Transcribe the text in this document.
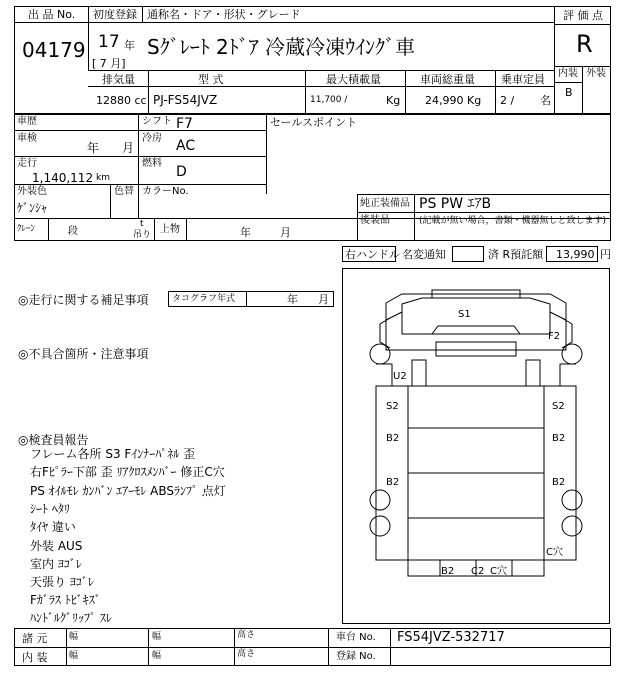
出 品 No.
04179
初度登録 通称名・ドア・形状・グレード
17 年
[ 7 月]
Sｸﾞﾚｰﾄ 2ﾄﾞｱ 冷蔵冷凍ｳｲﾝｸﾞ車
評 価 点
R
内装 外装
B
排気量	型 式	最大積載量	車両総重量 乗車定員
12880 cc PJ-FS54JVZ	11,700 /	Kg 24,990 Kg 2 / 名
車歴	シフト F7
車検
年 月
冷房 AC
走行
1,140,112 km
燃料
D
外装色
ｹﾞﾝｼｬ
色替 カラーNo.
セールスポイント
純正装備品 PS PW ｴｱB
後装品	(記載が無い場合，書類・機器無しと致します)
ｸﾚｰﾝ	段
t
吊り 上物	年	月
右ハンドル 名変通知	済 R預託額 13,990 円
◎走行に関する補足事項	タコグラフ年式	年 月
◎不具合箇所・注意事項
◎検査員報告
フレーム各所 S3 Fｲﾝﾅｰﾊﾟﾈﾙ 歪
右Fﾋﾟﾗｰ下部 歪 ﾘｱｸﾛｽﾒﾝﾊﾞｰ 修正C穴
PS ｵｲﾙﾓﾚ ｶﾝﾊﾞﾝ ｴｱｰﾓﾚ ABSﾗﾝﾌﾟ 点灯
ｼｰﾄ ﾍﾀﾘ
ﾀｲﾔ 違い
外装 AUS
室内 ﾖｺﾞﾚ
天張り ﾖｺﾞﾚ
Fｶﾞﾗｽ ﾄﾋﾞｷｽﾞ
ﾊﾝﾄﾞﾙｸﾞﾘｯﾌﾟ ｽﾚ
S1
F2
U2
S2	S2
B2	B2
B2	B2
C穴
B2 C2 C穴
諸 元
内 装
幅
幅
幅
幅
高さ
高さ
車台 No. FS54JVZ-532717
登録 No.
